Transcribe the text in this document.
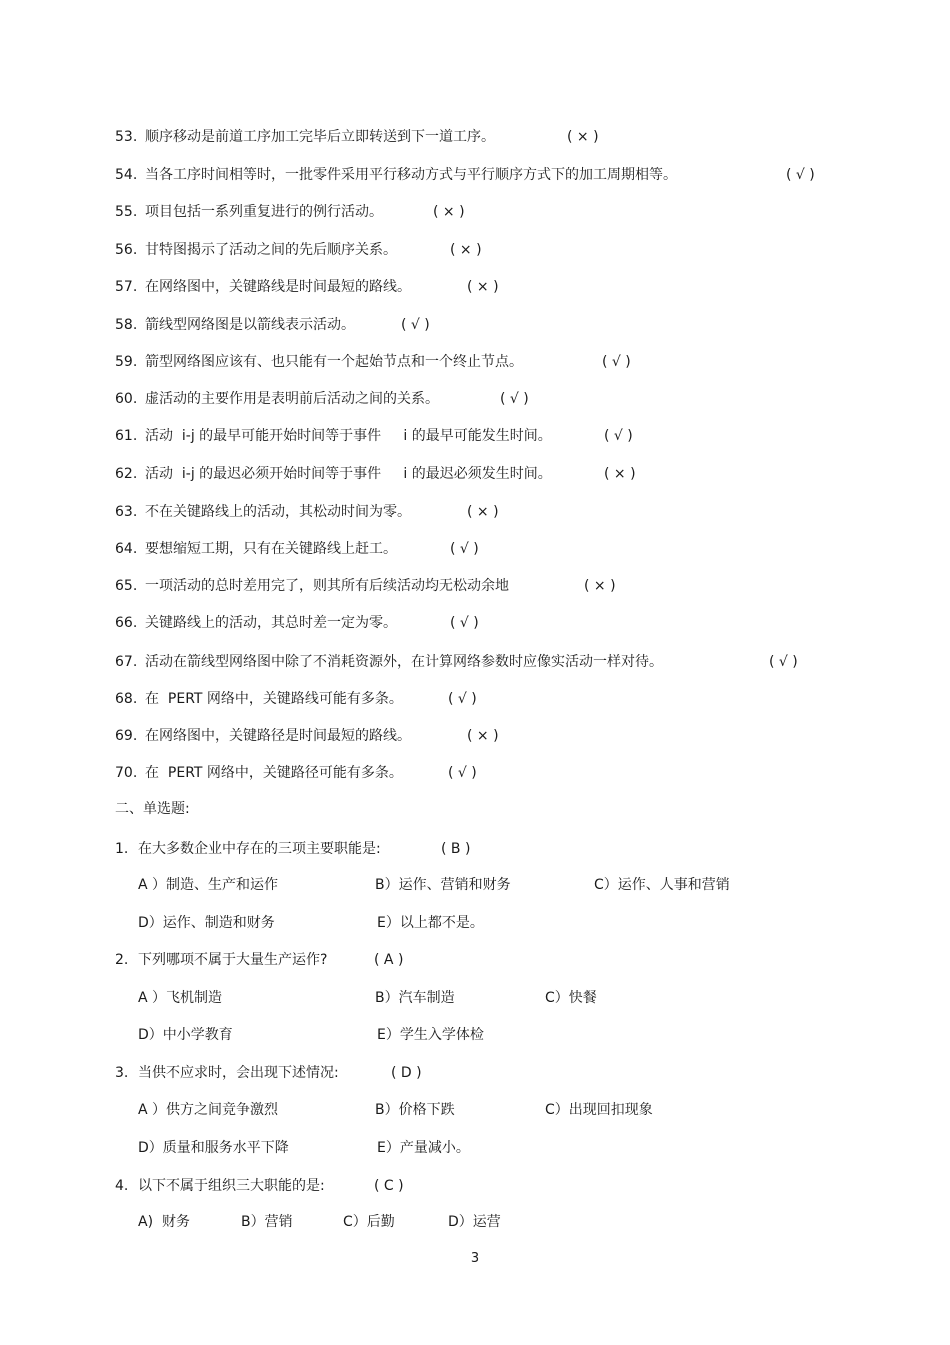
53. 顺序移动是前道工序加工完毕后立即转送到下一道工序。	( × )
54. 当各工序时间相等时，一批零件采用平行移动方式与平行顺序方式下的加工周期相等。	( √ )
55. 项目包括一系列重复进行的例行活动。	( × )
56. 甘特图揭示了活动之间的先后顺序关系。	( × )
57. 在网络图中，关键路线是时间最短的路线。	( × )
58. 箭线型网络图是以箭线表示活动。	( √ )
59. 箭型网络图应该有、也只能有一个起始节点和一个终止节点。	( √ )
60. 虚活动的主要作用是表明前后活动之间的关系。	( √ )
61. 活动  i-j 的最早可能开始时间等于事件     i 的最早可能发生时间。	( √ )
62. 活动  i-j 的最迟必须开始时间等于事件     i 的最迟必须发生时间。	( × )
63. 不在关键路线上的活动，其松动时间为零。	( × )
64. 要想缩短工期，只有在关键路线上赶工。	( √ )
65. 一项活动的总时差用完了，则其所有后续活动均无松动余地	( × )
66. 关键路线上的活动，其总时差一定为零。	( √ )
67. 活动在箭线型网络图中除了不消耗资源外，在计算网络参数时应像实活动一样对待。	( √ )
68. 在  PERT 网络中，关键路线可能有多条。	( √ )
69. 在网络图中，关键路径是时间最短的路线。	( × )
70. 在  PERT 网络中，关键路径可能有多条。	( √ )
二、单选题:
1. 在大多数企业中存在的三项主要职能是:	( B )
A ）制造、生产和运作	B）运作、营销和财务	C）运作、人事和营销
D）运作、制造和财务	E）以上都不是。
2. 下列哪项不属于大量生产运作?	( A )
A ）飞机制造	B）汽车制造	C）快餐
D）中小学教育	E）学生入学体检
3. 当供不应求时，会出现下述情况:	( D )
A ）供方之间竞争激烈	B）价格下跌	C）出现回扣现象
D）质量和服务水平下降	E）产量减小。
4. 以下不属于组织三大职能的是:	( C )
A)  财务	B）营销	C）后勤	D）运营
3
